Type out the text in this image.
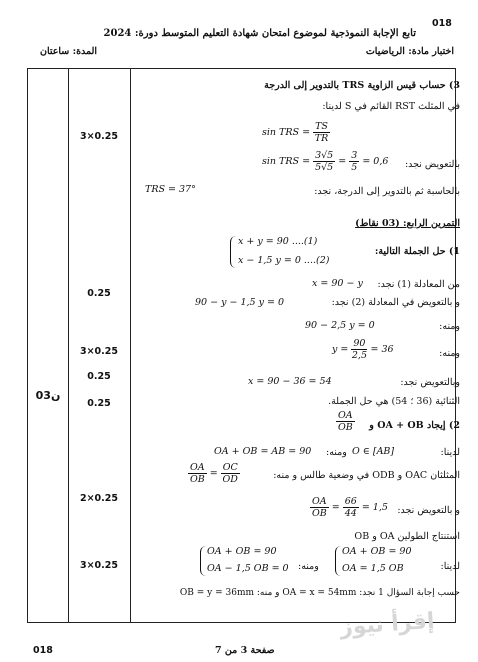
018
تابع الإجابة النموذجية لموضوع امتحان شهادة التعليم المتوسط دورة: 2024
اختبار مادة: الرياضيات
المدة: ساعتان
03ن
3×0.25
0.25
3×0.25
0.25
0.25
2×0.25
3×0.25
3) حساب قيس الزاوية TRS بالتدوير إلى الدرجة
في المثلث RST القائم في S لدينا:
sin TRS = $\frac{TS}{TR}$
بالتعويض نجد:
sin TRS = $\frac{3√5}{5√5} = \frac{3}{5} = 0,6$
بالحاسبة ثم بالتدوير إلى الدرجة، نجد:
TRS = 37°
التمرين الرابع: (03 نقاط)
1) حل الجملة التالية:
x + y = 90 ....(1)
x − 1,5 y = 0 ....(2)
من المعادلة (1) نجد:
x = 90 − y
و بالتعويض في المعادلة (2) نجد:
90 − y − 1,5 y = 0
ومنه:
90 − 2,5 y = 0
ومنه:
$y = \frac{90}{2,5} = 36$
وبالتعويض نجد:
x = 90 − 36 = 54
الثنائية (36 ؛ 54) هي حل الجملة.
2) إيجاد OA + OB و
$\frac{OA}{OB}$
لدينا:
O ∈ [AB]
ومنه:
OA + OB = AB = 90
المثلثان OAC و ODB في وضعية طالس و منه:
$\frac{OA}{OB} = \frac{OC}{OD}$
و بالتعويض نجد:
$\frac{OA}{OB} = \frac{66}{44} = 1,5$
استنتاج الطولين OA و OB
لدينا:
OA + OB = 90
OA = 1,5 OB
ومنه:
OA + OB = 90
OA − 1,5 OB = 0
حسب إجابة السؤال 1 نجد: OA = x = 54mm و منه: OB = y = 36mm
إقرأ نيوز
018	صفحة 3 من 7
